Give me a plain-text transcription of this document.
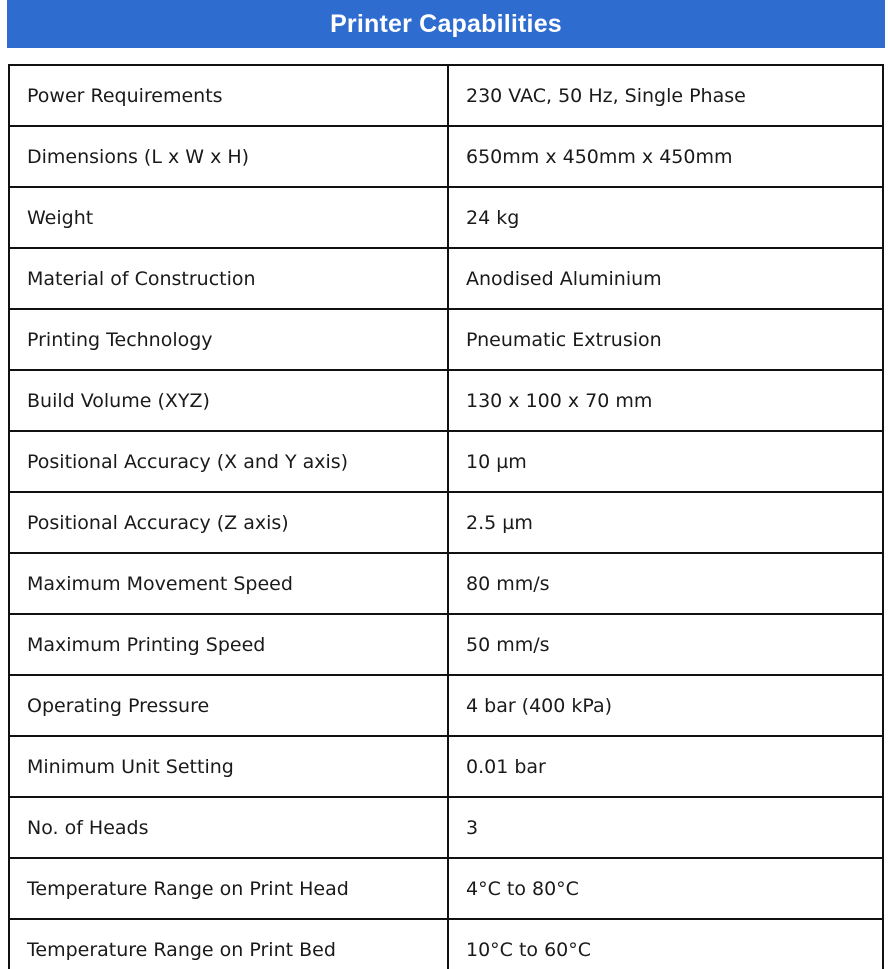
Printer Capabilities
Power Requirements	230 VAC, 50 Hz, Single Phase
Dimensions (L x W x H)	650mm x 450mm x 450mm
Weight	24 kg
Material of Construction	Anodised Aluminium
Printing Technology	Pneumatic Extrusion
Build Volume (XYZ)	130 x 100 x 70 mm
Positional Accuracy (X and Y axis)	10 µm
Positional Accuracy (Z axis)	2.5 µm
Maximum Movement Speed	80 mm/s
Maximum Printing Speed	50 mm/s
Operating Pressure	4 bar (400 kPa)
Minimum Unit Setting	0.01 bar
No. of Heads	3
Temperature Range on Print Head	4°C to 80°C
Temperature Range on Print Bed	10°C to 60°C
